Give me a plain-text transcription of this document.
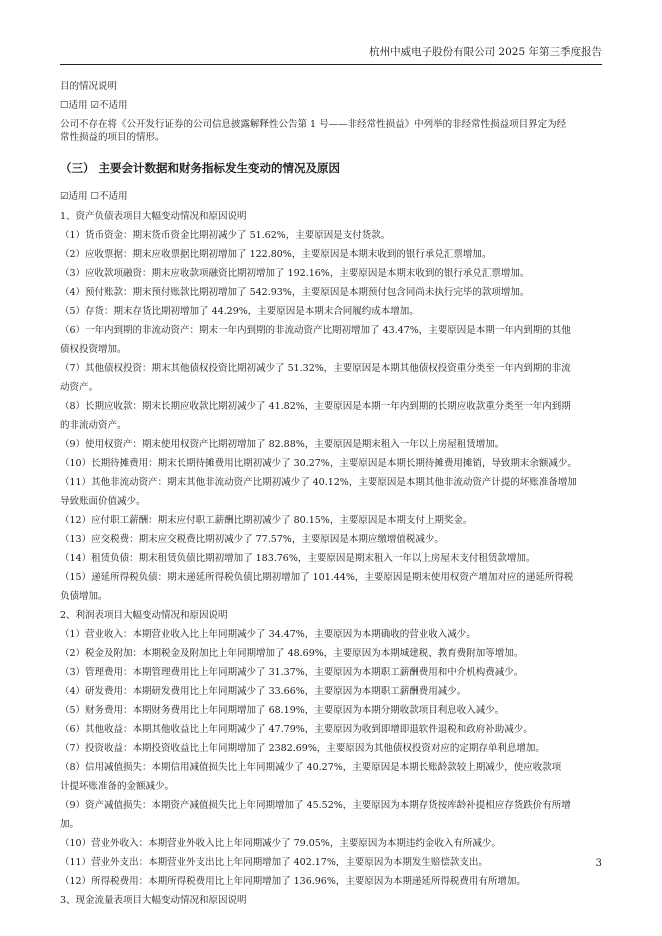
杭州中威电子股份有限公司 2025 年第三季度报告

目的情况说明

☐适用 ☑不适用

公司不存在将《公开发行证券的公司信息披露解释性公告第 1 号——非经常性损益》中列举的非经常性损益项目界定为经

常性损益的项目的情形。

（三） 主要会计数据和财务指标发生变动的情况及原因

☑适用 ☐不适用

1、资产负债表项目大幅变动情况和原因说明

（1）货币资金：期末货币资金比期初减少了 51.62%，主要原因是支付货款。

（2）应收票据：期末应收票据比期初增加了 122.80%，主要原因是本期末收到的银行承兑汇票增加。

（3）应收款项融资：期末应收款项融资比期初增加了 192.16%，主要原因是本期末收到的银行承兑汇票增加。

（4）预付账款：期末预付账款比期初增加了 542.93%，主要原因是本期预付包含同尚未执行完毕的款项增加。

（5）存货：期末存货比期初增加了 44.29%，主要原因是本期末合同履约成本增加。

（6）一年内到期的非流动资产：期末一年内到期的非流动资产比期初增加了 43.47%，主要原因是本期一年内到期的其他

债权投资增加。

（7）其他债权投资：期末其他债权投资比期初减少了 51.32%，主要原因是本期其他债权投资重分类至一年内到期的非流

动资产。

（8）长期应收款：期末长期应收款比期初减少了 41.82%，主要原因是本期一年内到期的长期应收款重分类至一年内到期

的非流动资产。

（9）使用权资产：期末使用权资产比期初增加了 82.88%，主要原因是期末租入一年以上房屋租赁增加。

（10）长期待摊费用：期末长期待摊费用比期初减少了 30.27%，主要原因是本期长期待摊费用摊销，导致期末余额减少。

（11）其他非流动资产：期末其他非流动资产比期初减少了 40.12%，主要原因是本期其他非流动资产计提的坏账准备增加

导致账面价值减少。

（12）应付职工薪酬：期末应付职工薪酬比期初减少了 80.15%，主要原因是本期支付上期奖金。

（13）应交税费：期末应交税费比期初减少了 77.57%，主要原因是本期应缴增值税减少。

（14）租赁负债：期末租赁负债比期初增加了 183.76%，主要原因是期末租入一年以上房屋未支付租赁款增加。

（15）递延所得税负债：期末递延所得税负债比期初增加了 101.44%，主要原因是期末使用权资产增加对应的递延所得税

负债增加。

2、利润表项目大幅变动情况和原因说明

（1）营业收入：本期营业收入比上年同期减少了 34.47%，主要原因为本期确收的营业收入减少。

（2）税金及附加：本期税金及附加比上年同期增加了 48.69%，主要原因为本期城建税、教育费附加等增加。

（3）管理费用：本期管理费用比上年同期减少了 31.37%，主要原因为本期职工薪酬费用和中介机构费减少。

（4）研发费用：本期研发费用比上年同期减少了 33.66%，主要原因为本期职工薪酬费用减少。

（5）财务费用：本期财务费用比上年同期增加了 68.19%，主要原因为本期分期收款项目利息收入减少。

（6）其他收益：本期其他收益比上年同期减少了 47.79%，主要原因为收到即增即退软件退税和政府补助减少。

（7）投资收益：本期投资收益比上年同期增加了 2382.69%，主要原因为其他债权投资对应的定期存单利息增加。

（8）信用减值损失：本期信用减值损失比上年同期减少了 40.27%，主要原因是本期长账龄款较上期减少，使应收款项

计提坏账准备的金额减少。

（9）资产减值损失：本期资产减值损失比上年同期增加了 45.52%，主要原因为本期存货按库龄补提相应存货跌价有所增

加。

（10）营业外收入：本期营业外收入比上年同期减少了 79.05%，主要原因为本期违约金收入有所减少。

（11）营业外支出：本期营业外支出比上年同期增加了 402.17%，主要原因为本期发生赔偿款支出。

（12）所得税费用：本期所得税费用比上年同期增加了 136.96%，主要原因为本期递延所得税费用有所增加。

3、现金流量表项目大幅变动情况和原因说明

3
